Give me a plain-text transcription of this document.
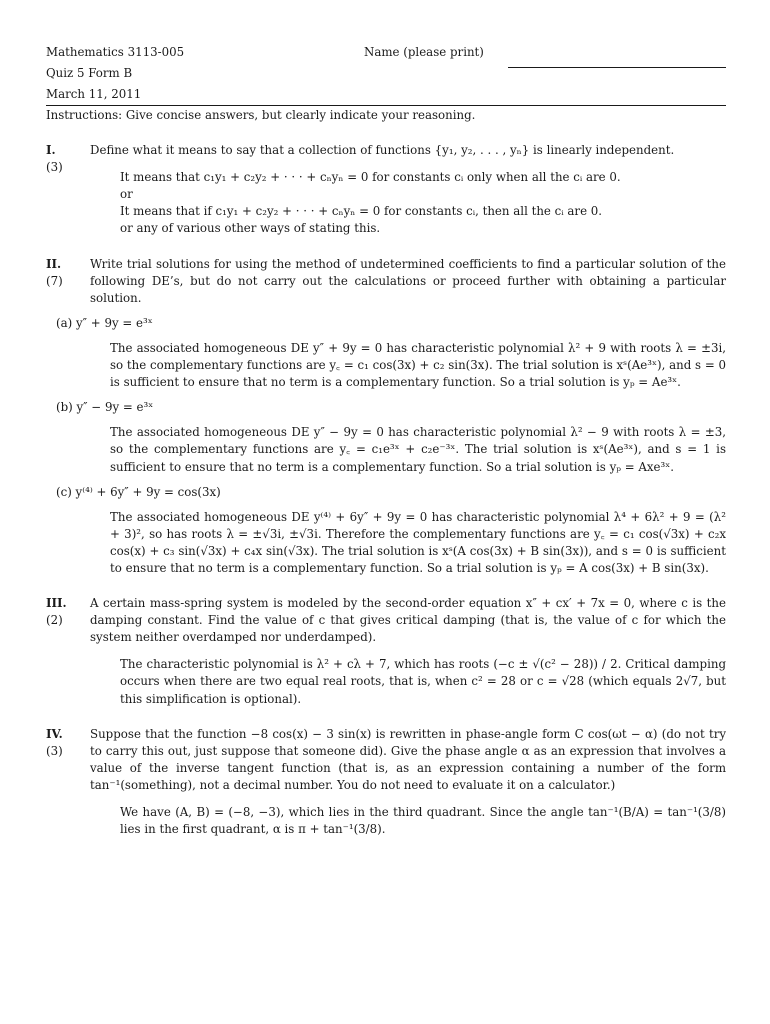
Mathematics 3113-005
Quiz 5 Form B
March 11, 2011
Name (please print)
Instructions: Give concise answers, but clearly indicate your reasoning.
I.
(3)
Define what it means to say that a collection of functions {y₁, y₂, . . . , yₙ} is linearly independent.
It means that c₁y₁ + c₂y₂ + · · · + cₙyₙ = 0 for constants cᵢ only when all the cᵢ are 0.
or
It means that if c₁y₁ + c₂y₂ + · · · + cₙyₙ = 0 for constants cᵢ, then all the cᵢ are 0.
or any of various other ways of stating this.
II.
(7)
Write trial solutions for using the method of undetermined coefficients to find a particular solution of the following DE’s, but do not carry out the calculations or proceed further with obtaining a particular solution.
(a) y″ + 9y = e³ˣ
The associated homogeneous DE y″ + 9y = 0 has characteristic polynomial λ² + 9 with roots λ = ±3i, so the complementary functions are y꜀ = c₁ cos(3x) + c₂ sin(3x). The trial solution is xˢ(Ae³ˣ), and s = 0 is sufficient to ensure that no term is a complementary function. So a trial solution is yₚ = Ae³ˣ.
(b) y″ − 9y = e³ˣ
The associated homogeneous DE y″ − 9y = 0 has characteristic polynomial λ² − 9 with roots λ = ±3, so the complementary functions are y꜀ = c₁e³ˣ + c₂e⁻³ˣ. The trial solution is xˢ(Ae³ˣ), and s = 1 is sufficient to ensure that no term is a complementary function. So a trial solution is yₚ = Axe³ˣ.
(c) y⁽⁴⁾ + 6y″ + 9y = cos(3x)
The associated homogeneous DE y⁽⁴⁾ + 6y″ + 9y = 0 has characteristic polynomial λ⁴ + 6λ² + 9 = (λ² + 3)², so has roots λ = ±√3i, ±√3i. Therefore the complementary functions are y꜀ = c₁ cos(√3x) + c₂x cos(x) + c₃ sin(√3x) + c₄x sin(√3x). The trial solution is xˢ(A cos(3x) + B sin(3x)), and s = 0 is sufficient to ensure that no term is a complementary function. So a trial solution is yₚ = A cos(3x) + B sin(3x).
III.
(2)
A certain mass-spring system is modeled by the second-order equation x″ + cx′ + 7x = 0, where c is the damping constant. Find the value of c that gives critical damping (that is, the value of c for which the system neither overdamped nor underdamped).
The characteristic polynomial is λ² + cλ + 7, which has roots (−c ± √(c² − 28)) / 2. Critical damping occurs when there are two equal real roots, that is, when c² = 28 or c = √28 (which equals 2√7, but this simplification is optional).
IV.
(3)
Suppose that the function −8 cos(x) − 3 sin(x) is rewritten in phase-angle form C cos(ωt − α) (do not try to carry this out, just suppose that someone did). Give the phase angle α as an expression that involves a value of the inverse tangent function (that is, as an expression containing a number of the form tan⁻¹(something), not a decimal number. You do not need to evaluate it on a calculator.)
We have (A, B) = (−8, −3), which lies in the third quadrant. Since the angle tan⁻¹(B/A) = tan⁻¹(3/8) lies in the first quadrant, α is π + tan⁻¹(3/8).
